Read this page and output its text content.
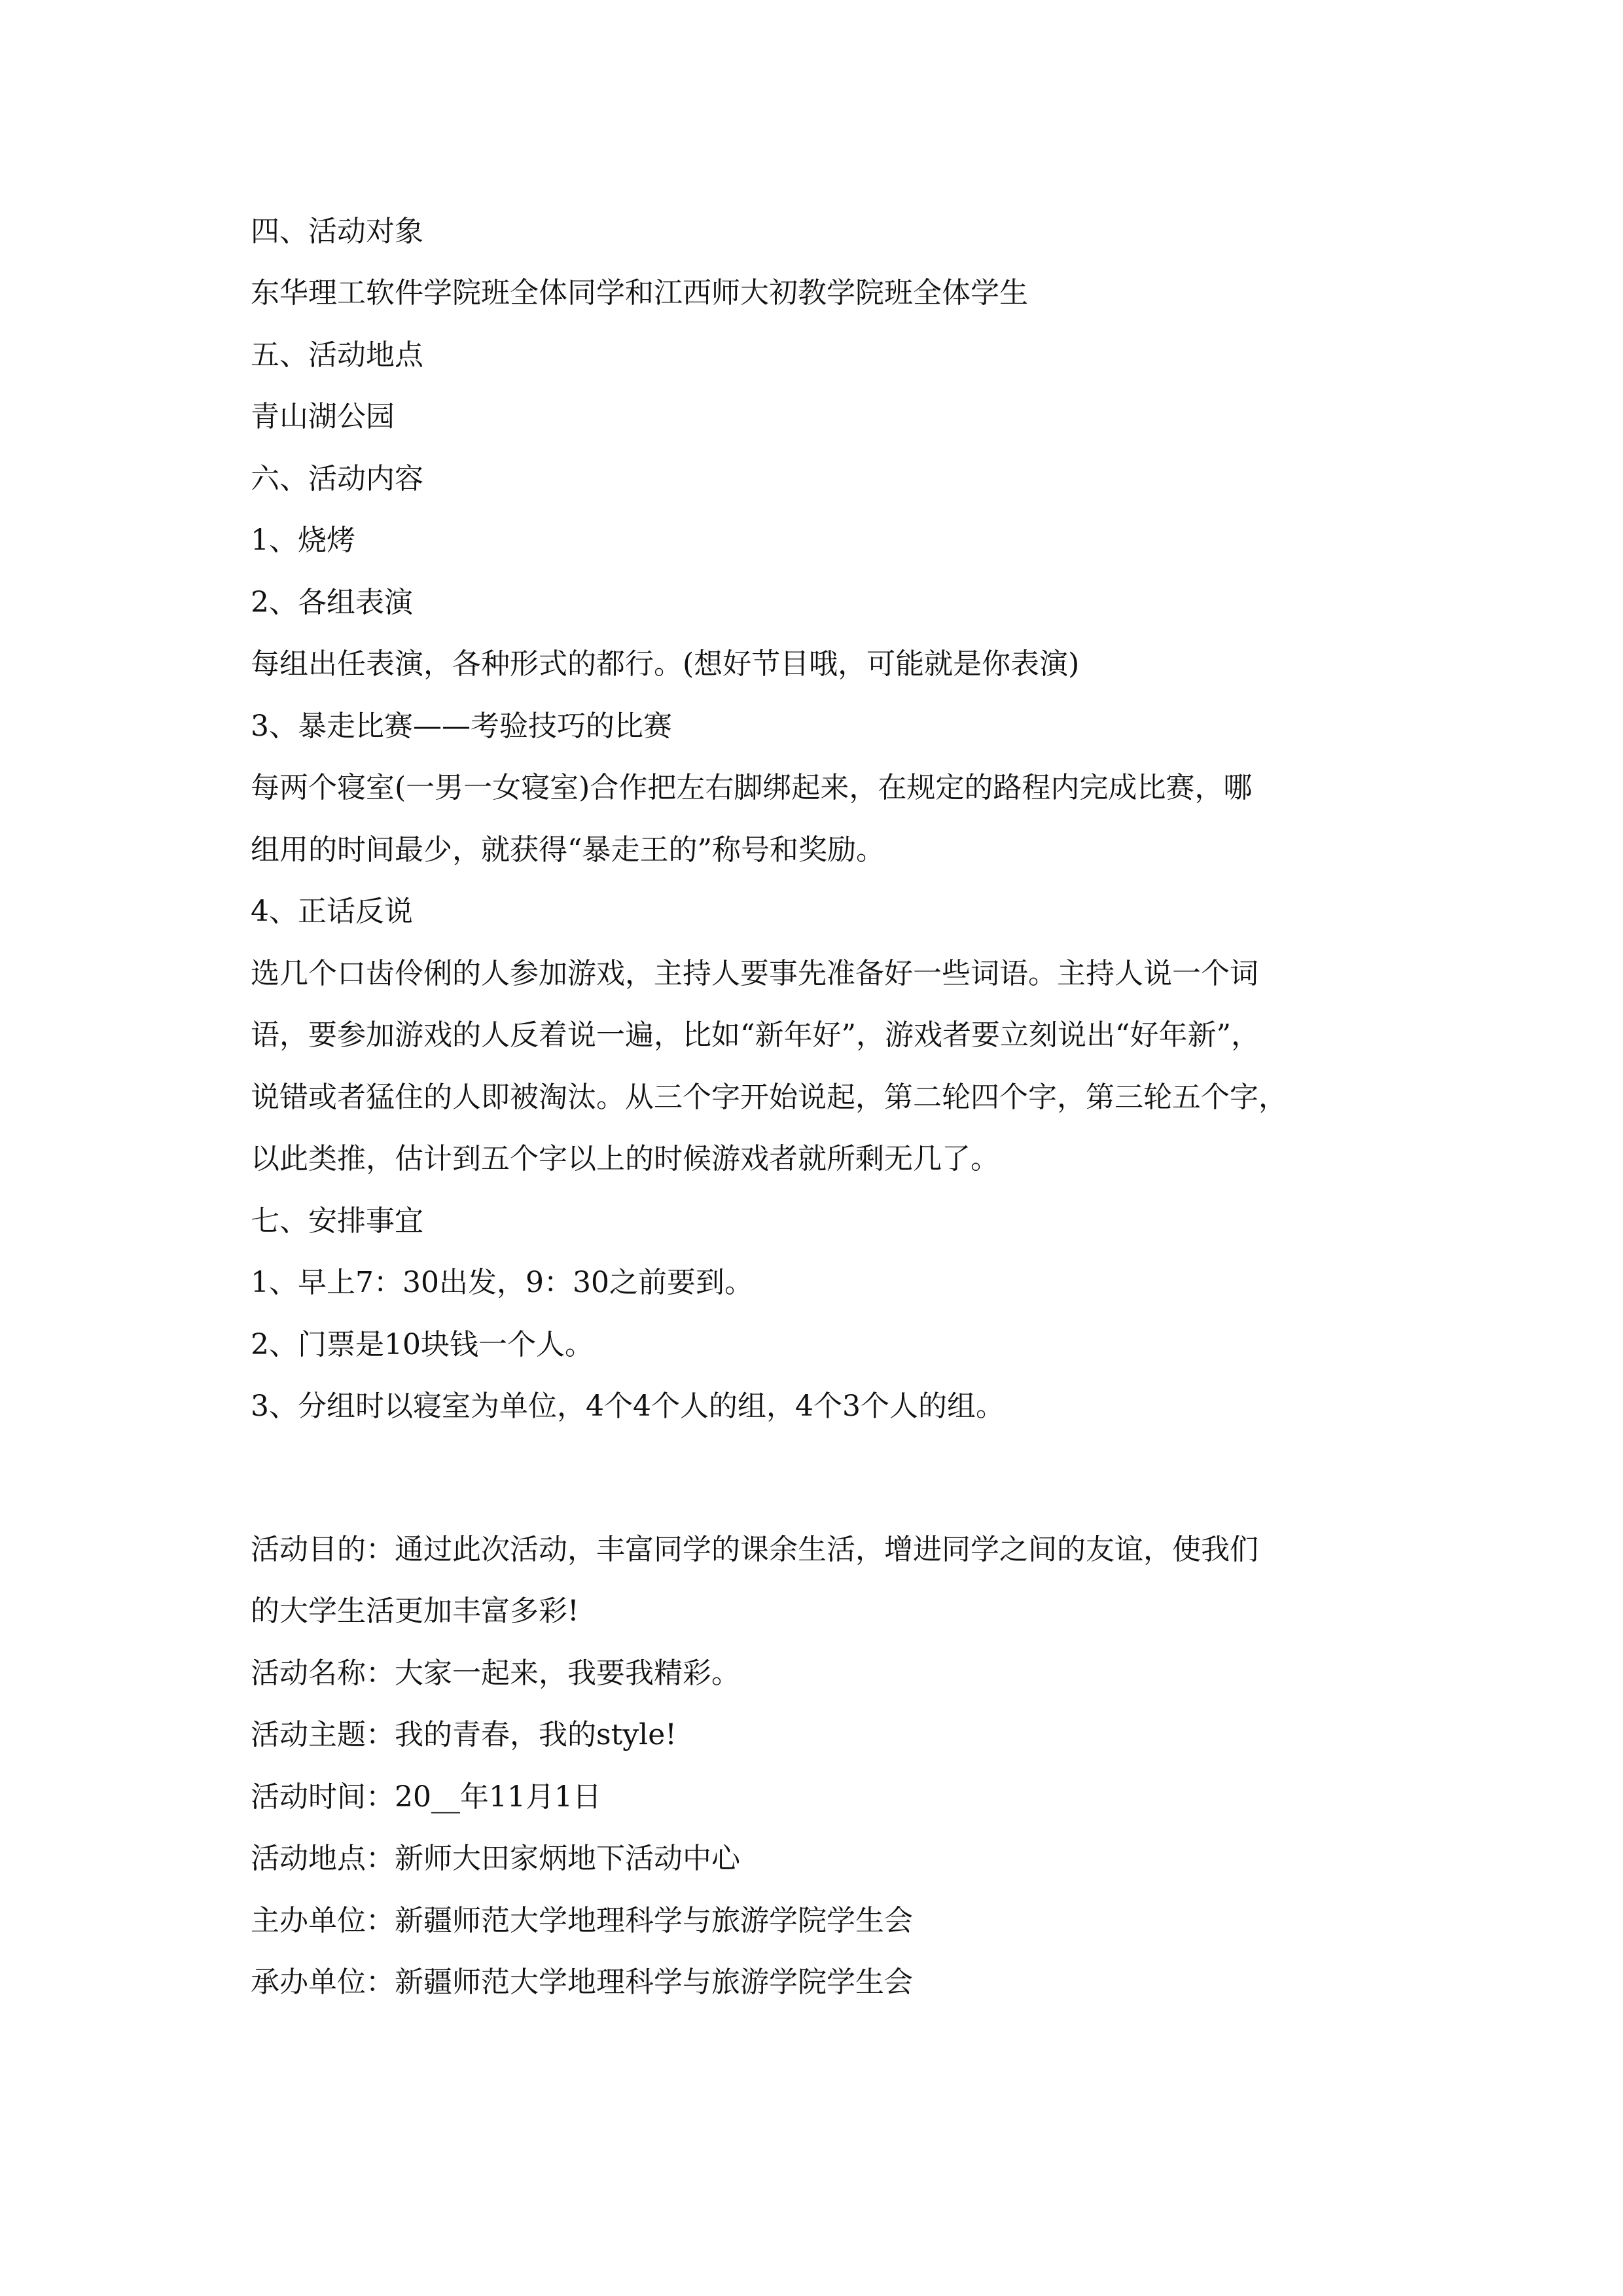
四、活动对象
东华理工软件学院班全体同学和江西师大初教学院班全体学生
五、活动地点
青山湖公园
六、活动内容
1、烧烤
2、各组表演
每组出任表演，各种形式的都行。(想好节目哦，可能就是你表演)
3、暴走比赛——考验技巧的比赛
每两个寝室(一男一女寝室)合作把左右脚绑起来，在规定的路程内完成比赛，哪
组用的时间最少，就获得“暴走王的”称号和奖励。
4、正话反说
选几个口齿伶俐的人参加游戏，主持人要事先准备好一些词语。主持人说一个词
语，要参加游戏的人反着说一遍，比如“新年好”，游戏者要立刻说出“好年新”，
说错或者猛住的人即被淘汰。从三个字开始说起，第二轮四个字，第三轮五个字，
以此类推，估计到五个字以上的时候游戏者就所剩无几了。
七、安排事宜
1、早上7：30出发，9：30之前要到。
2、门票是10块钱一个人。
3、分组时以寝室为单位，4个4个人的组，4个3个人的组。
活动目的：通过此次活动，丰富同学的课余生活，增进同学之间的友谊，使我们
的大学生活更加丰富多彩!
活动名称：大家一起来，我要我精彩。
活动主题：我的青春，我的style!
活动时间：20__年11月1日
活动地点：新师大田家炳地下活动中心
主办单位：新疆师范大学地理科学与旅游学院学生会
承办单位：新疆师范大学地理科学与旅游学院学生会
